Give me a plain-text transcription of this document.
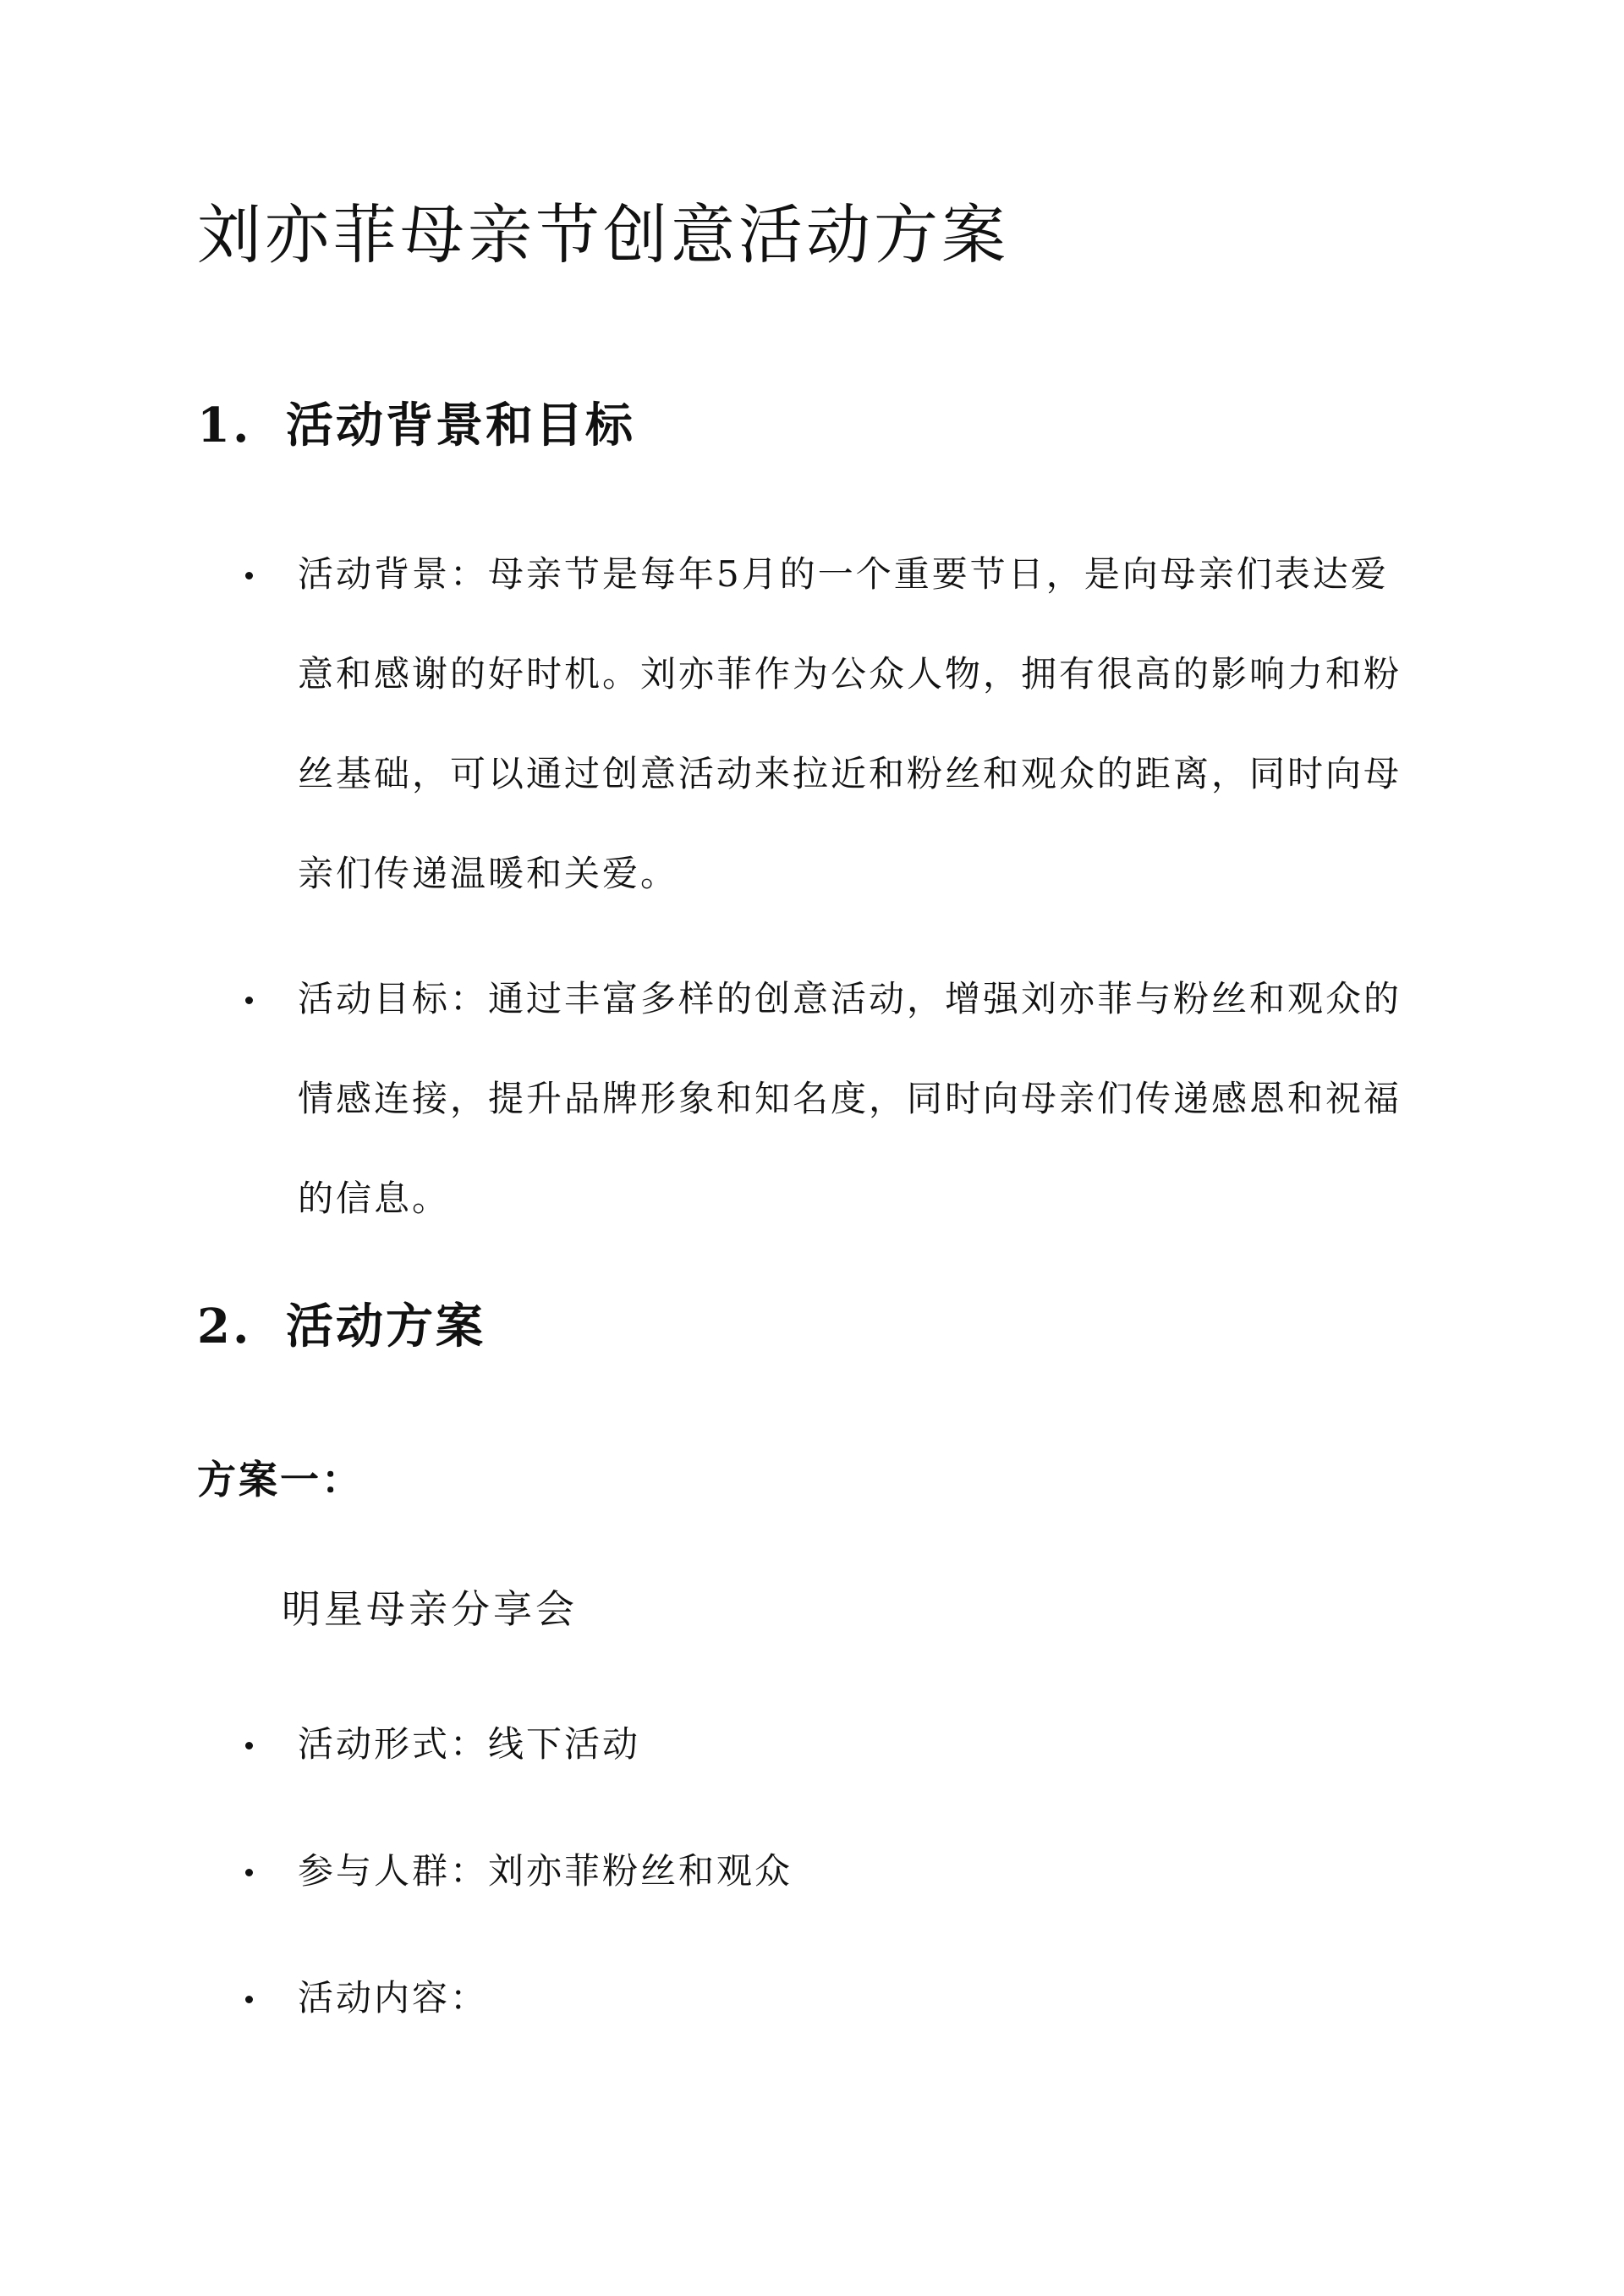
刘亦菲母亲节创意活动方案
1. 活动背景和目标
活动背景：母亲节是每年5月的一个重要节日，是向母亲们表达爱意和感谢的好时机。刘亦菲作为公众人物，拥有很高的影响力和粉丝基础，可以通过创意活动来拉近和粉丝和观众的距离，同时向母亲们传递温暖和关爱。
活动目标：通过丰富多样的创意活动，增强刘亦菲与粉丝和观众的情感连接，提升品牌形象和知名度，同时向母亲们传递感恩和祝福的信息。
2. 活动方案

方案一：

明星母亲分享会

活动形式：线下活动
参与人群：刘亦菲粉丝和观众
活动内容：
